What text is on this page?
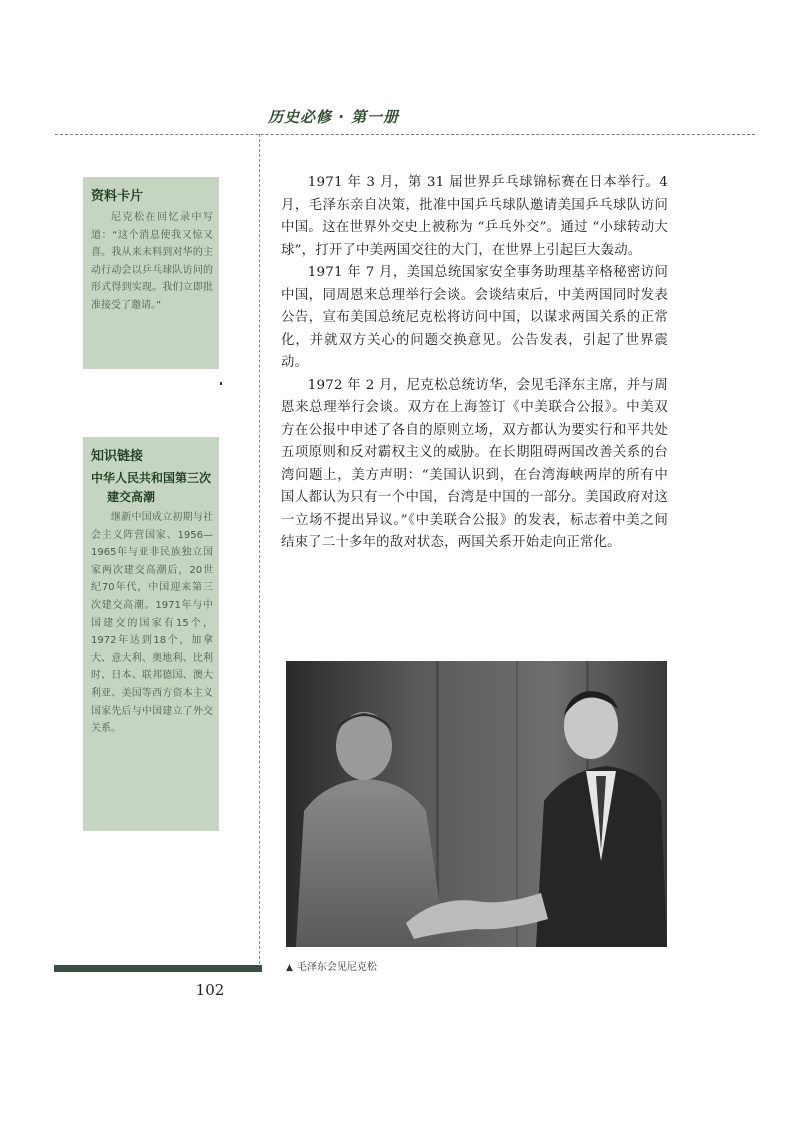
历史必修 · 第一册
资料卡片
尼克松在回忆录中写道：“这个消息使我又惊又喜。我从来未料到对华的主动行动会以乒乓球队访问的形式得到实现。我们立即批准接受了邀请。”
知识链接
中华人民共和国第三次
建交高潮
继新中国成立初期与社会主义阵营国家、1956—1965年与亚非民族独立国家两次建交高潮后，20世纪70年代，中国迎来第三次建交高潮。1971年与中国建交的国家有15个，1972年达到18个，加拿大、意大利、奥地利、比利时、日本、联邦德国、澳大利亚、美国等西方资本主义国家先后与中国建立了外交关系。

1971 年 3 月，第 31 届世界乒乓球锦标赛在日本举行。4 月，毛泽东亲自决策，批准中国乒乓球队邀请美国乒乓球队访问中国。这在世界外交史上被称为 “乒乓外交”。通过 “小球转动大球”，打开了中美两国交往的大门，在世界上引起巨大轰动。

1971 年 7 月，美国总统国家安全事务助理基辛格秘密访问中国，同周恩来总理举行会谈。会谈结束后，中美两国同时发表公告，宣布美国总统尼克松将访问中国，以谋求两国关系的正常化，并就双方关心的问题交换意见。公告发表，引起了世界震动。

1972 年 2 月，尼克松总统访华，会见毛泽东主席，并与周恩来总理举行会谈。双方在上海签订《中美联合公报》。中美双方在公报中申述了各自的原则立场，双方都认为要实行和平共处五项原则和反对霸权主义的威胁。在长期阻碍两国改善关系的台湾问题上，美方声明：“美国认识到，在台湾海峡两岸的所有中国人都认为只有一个中国，台湾是中国的一部分。美国政府对这一立场不提出异议。”《中美联合公报》的发表，标志着中美之间结束了二十多年的敌对状态，两国关系开始走向正常化。

▲ 毛泽东会见尼克松
102
